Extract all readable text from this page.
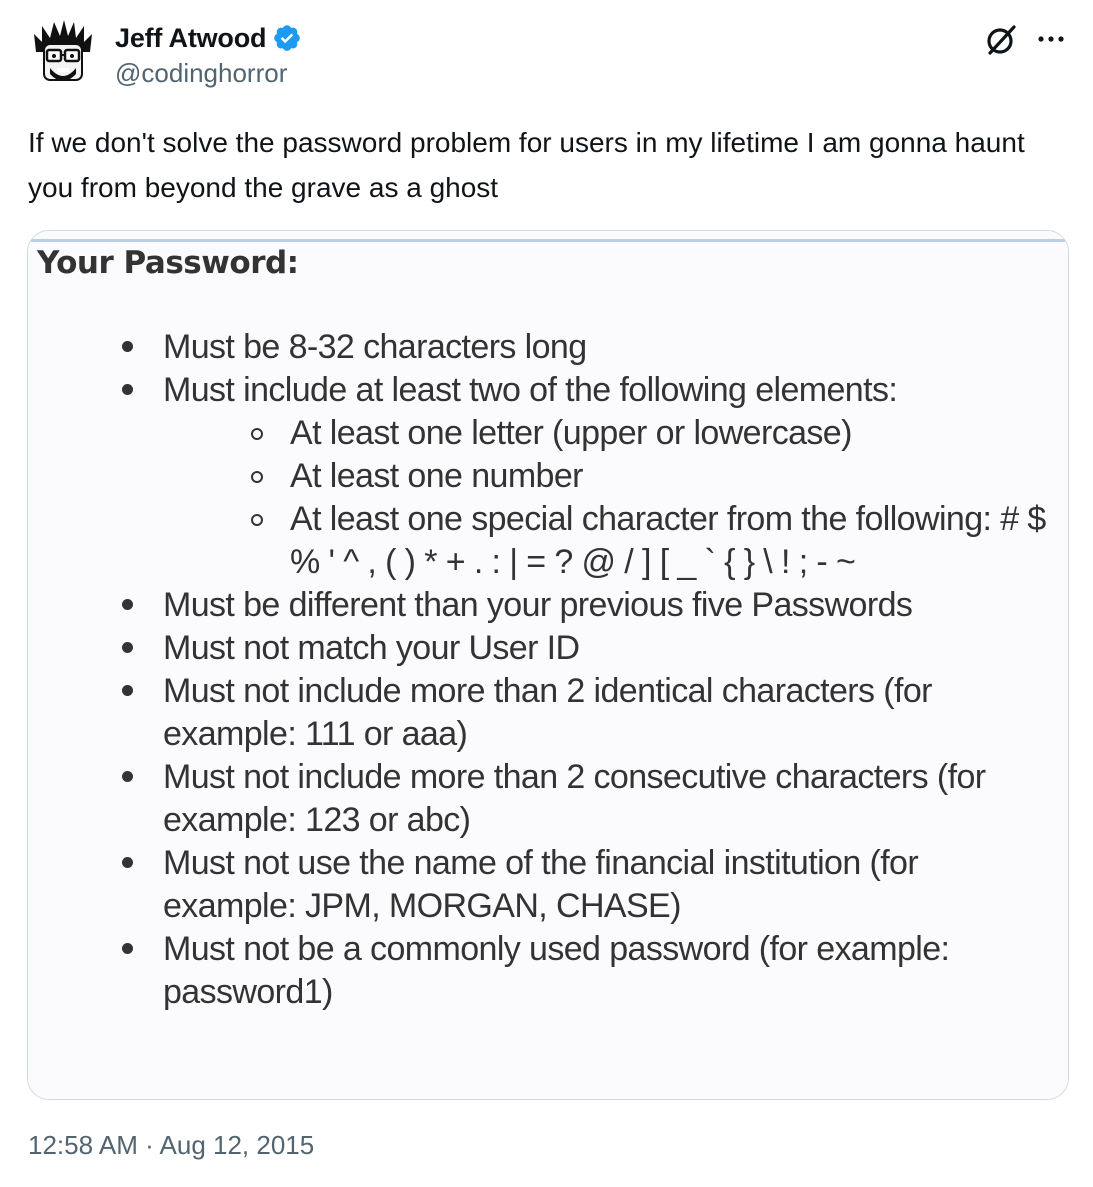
Jeff Atwood
@codinghorror

If we don't solve the password problem for users in my lifetime I am gonna haunt you from beyond the grave as a ghost

Your Password:
Must be 8-32 characters long
Must include at least two of the following elements:
At least one letter (upper or lowercase)
At least one number
At least one special character from the following: # $ % ' ^ , ( ) * + . : | = ? @ / ] [ _ ` { } \ ! ; - ~
Must be different than your previous five Passwords
Must not match your User ID
Must not include more than 2 identical characters (for example: 111 or aaa)
Must not include more than 2 consecutive characters (for example: 123 or abc)
Must not use the name of the financial institution (for example: JPM, MORGAN, CHASE)
Must not be a commonly used password (for example: password1)
12:58 AM · Aug 12, 2015
